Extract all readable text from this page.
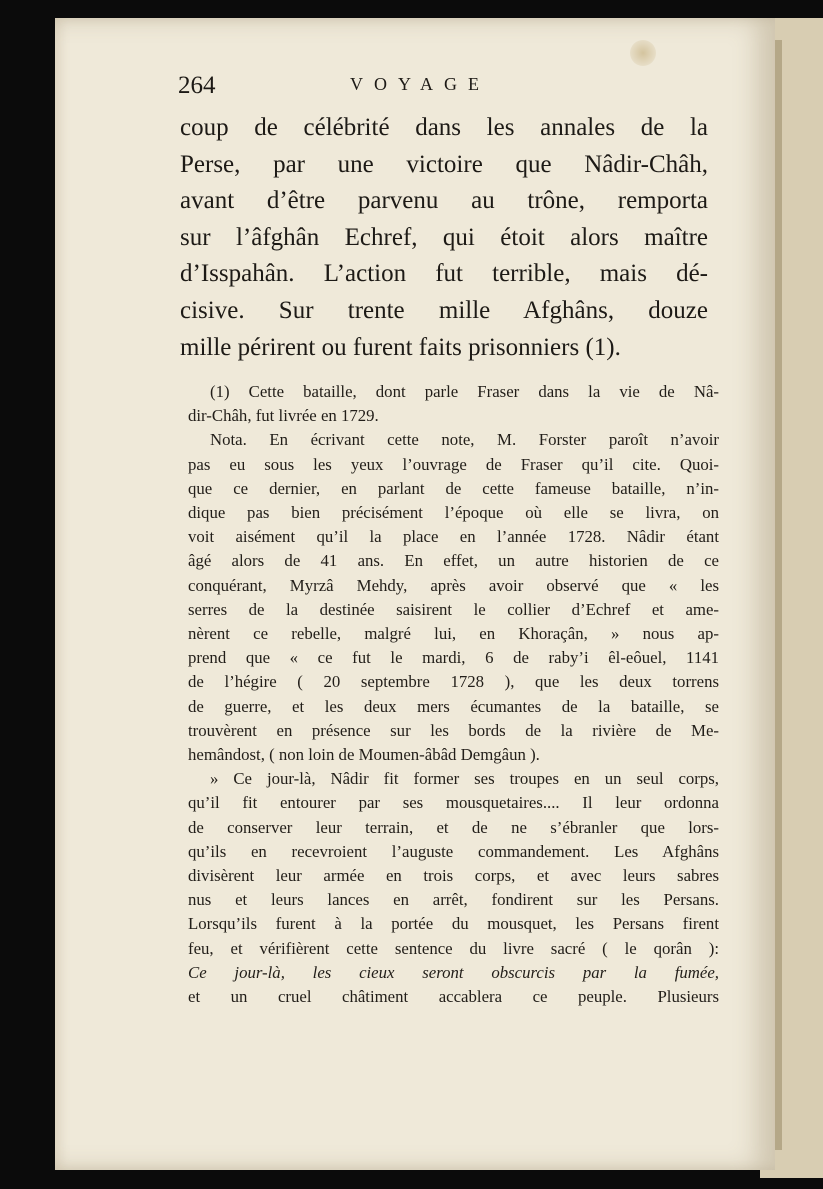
264	VOYAGE
coup de célébrité dans les annales de la
Perse, par une victoire que Nâdir-Châh,
avant d’être parvenu au trône, remporta
sur l’âfghân Echref, qui étoit alors maître
d’Isspahân. L’action fut terrible, mais dé-
cisive. Sur trente mille Afghâns, douze
mille périrent ou furent faits prisonniers (1).
(1) Cette bataille, dont parle Fraser dans la vie de Nâ-
dir-Châh, fut livrée en 1729.
Nota. En écrivant cette note, M. Forster paroît n’avoir
pas eu sous les yeux l’ouvrage de Fraser qu’il cite. Quoi-
que ce dernier, en parlant de cette fameuse bataille, n’in-
dique pas bien précisément l’époque où elle se livra, on
voit aisément qu’il la place en l’année 1728. Nâdir étant
âgé alors de 41 ans. En effet, un autre historien de ce
conquérant, Myrzâ Mehdy, après avoir observé que « les
serres de la destinée saisirent le collier d’Echref et ame-
nèrent ce rebelle, malgré lui, en Khoraçân, » nous ap-
prend que « ce fut le mardi, 6 de raby’i êl-eôuel, 1141
de l’hégire ( 20 septembre 1728 ), que les deux torrens
de guerre, et les deux mers écumantes de la bataille, se
trouvèrent en présence sur les bords de la rivière de Me-
hemândost, ( non loin de Moumen-âbâd Demgâun ).
» Ce jour-là, Nâdir fit former ses troupes en un seul corps,
qu’il fit entourer par ses mousquetaires.... Il leur ordonna
de conserver leur terrain, et de ne s’ébranler que lors-
qu’ils en recevroient l’auguste commandement. Les Afghâns
divisèrent leur armée en trois corps, et avec leurs sabres
nus et leurs lances en arrêt, fondirent sur les Persans.
Lorsqu’ils furent à la portée du mousquet, les Persans firent
feu, et vérifièrent cette sentence du livre sacré ( le qorân ):
Ce jour-là, les cieux seront obscurcis par la fumée,
et un cruel châtiment accablera ce peuple. Plusieurs
